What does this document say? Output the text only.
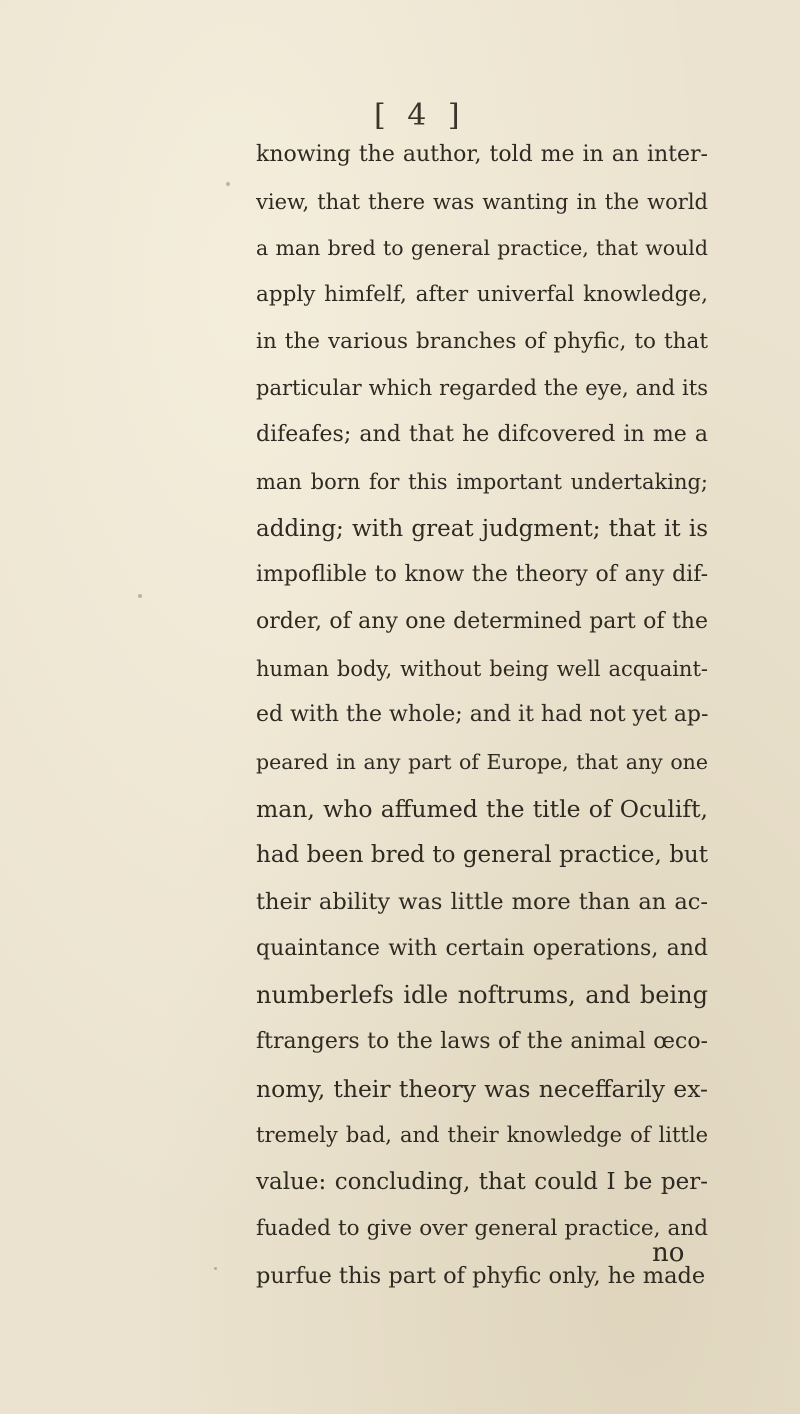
[ 4 ]
knowing the author, told me in an inter-
view, that there was wanting in the world
a man bred to general practice, that would
apply himfelf, after univerfal knowledge,
in the various branches of phyfic, to that
particular which regarded the eye, and its
difeafes; and that he difcovered in me a
man born for this important undertaking;
adding; with great judgment; that it is
impoflible to know the theory of any dif-
order, of any one determined part of the
human body, without being well acquaint-
ed with the whole; and it had not yet ap-
peared in any part of Europe, that any one
man, who affumed the title of Oculift,
had been bred to general practice, but
their ability was little more than an ac-
quaintance with certain operations, and
numberlefs idle noftrums, and being
ftrangers to the laws of the animal œco-
nomy, their theory was neceffarily ex-
tremely bad, and their knowledge of little
value: concluding, that could I be per-
fuaded to give over general practice, and
purfue this part of phyfic only, he made
no
